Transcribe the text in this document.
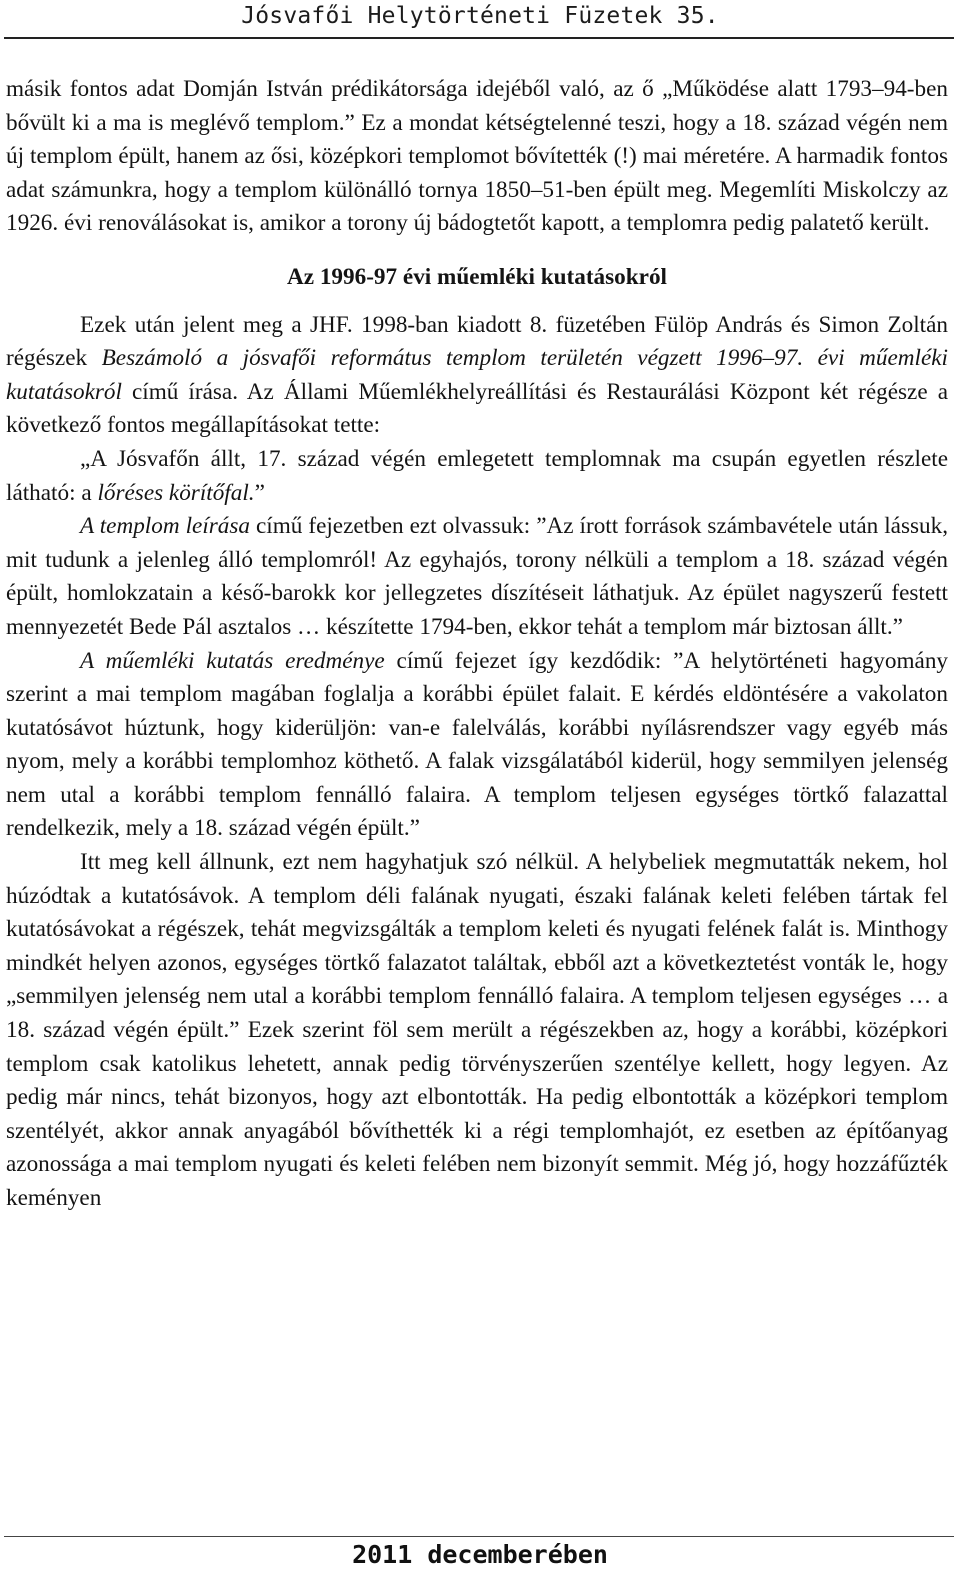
Jósvafői Helytörténeti Füzetek 35.

másik fontos adat Domján István prédikátorsága idejéből való, az ő „Működése alatt 1793–94-ben bővült ki a ma is meglévő templom.” Ez a mondat kétségtelenné teszi, hogy a 18. század végén nem új templom épült, hanem az ősi, középkori templomot bővítették (!) mai méretére. A harmadik fontos adat számunkra, hogy a templom különálló tornya 1850–51-ben épült meg. Megemlíti Miskolczy az 1926. évi renoválásokat is, amikor a torony új bádogtetőt kapott, a templomra pedig palatető került.

Az 1996-97 évi műemléki kutatásokról

Ezek után jelent meg a JHF. 1998-ban kiadott 8. füzetében Fülöp András és Simon Zoltán régészek Beszámoló a jósvafői református templom területén végzett 1996–97. évi műemléki kutatásokról című írása. Az Állami Műemlékhelyreállítási és Restaurálási Központ két régésze a következő fontos megállapításokat tette:

„A Jósvafőn állt, 17. század végén emlegetett templomnak ma csupán egyetlen részlete látható: a lőréses körítőfal.”

A templom leírása című fejezetben ezt olvassuk: ”Az írott források számbavétele után lássuk, mit tudunk a jelenleg álló templomról! Az egyhajós, torony nélküli a templom a 18. század végén épült, homlokzatain a késő-barokk kor jellegzetes díszítéseit láthatjuk. Az épület nagyszerű festett mennyezetét Bede Pál asztalos … készítette 1794-ben, ekkor tehát a templom már biztosan állt.”

A műemléki kutatás eredménye című fejezet így kezdődik: ”A helytörténeti hagyomány szerint a mai templom magában foglalja a korábbi épület falait. E kérdés eldöntésére a vakolaton kutatósávot húztunk, hogy kiderüljön: van-e falelválás, korábbi nyílásrendszer vagy egyéb más nyom, mely a korábbi templomhoz köthető. A falak vizsgálatából kiderül, hogy semmilyen jelenség nem utal a korábbi templom fennálló falaira. A templom teljesen egységes törtkő falazattal rendelkezik, mely a 18. század végén épült.”

Itt meg kell állnunk, ezt nem hagyhatjuk szó nélkül. A helybeliek megmutatták nekem, hol húzódtak a kutatósávok. A templom déli falának nyugati, északi falának keleti felében tártak fel kutatósávokat a régészek, tehát megvizsgálták a templom keleti és nyugati felének falát is. Minthogy mindkét helyen azonos, egységes törtkő falazatot találtak, ebből azt a következtetést vonták le, hogy „semmilyen jelenség nem utal a korábbi templom fennálló falaira. A templom teljesen egységes … a 18. század végén épült.” Ezek szerint föl sem merült a régészekben az, hogy a korábbi, középkori templom csak katolikus lehetett, annak pedig törvényszerűen szentélye kellett, hogy legyen. Az pedig már nincs, tehát bizonyos, hogy azt elbontották. Ha pedig elbontották a középkori templom szentélyét, akkor annak anyagából bővíthették ki a régi templomhajót, ez esetben az építőanyag azonossága a mai templom nyugati és keleti felében nem bizonyít semmit. Még jó, hogy hozzáfűzték keményen

2011 decemberében
